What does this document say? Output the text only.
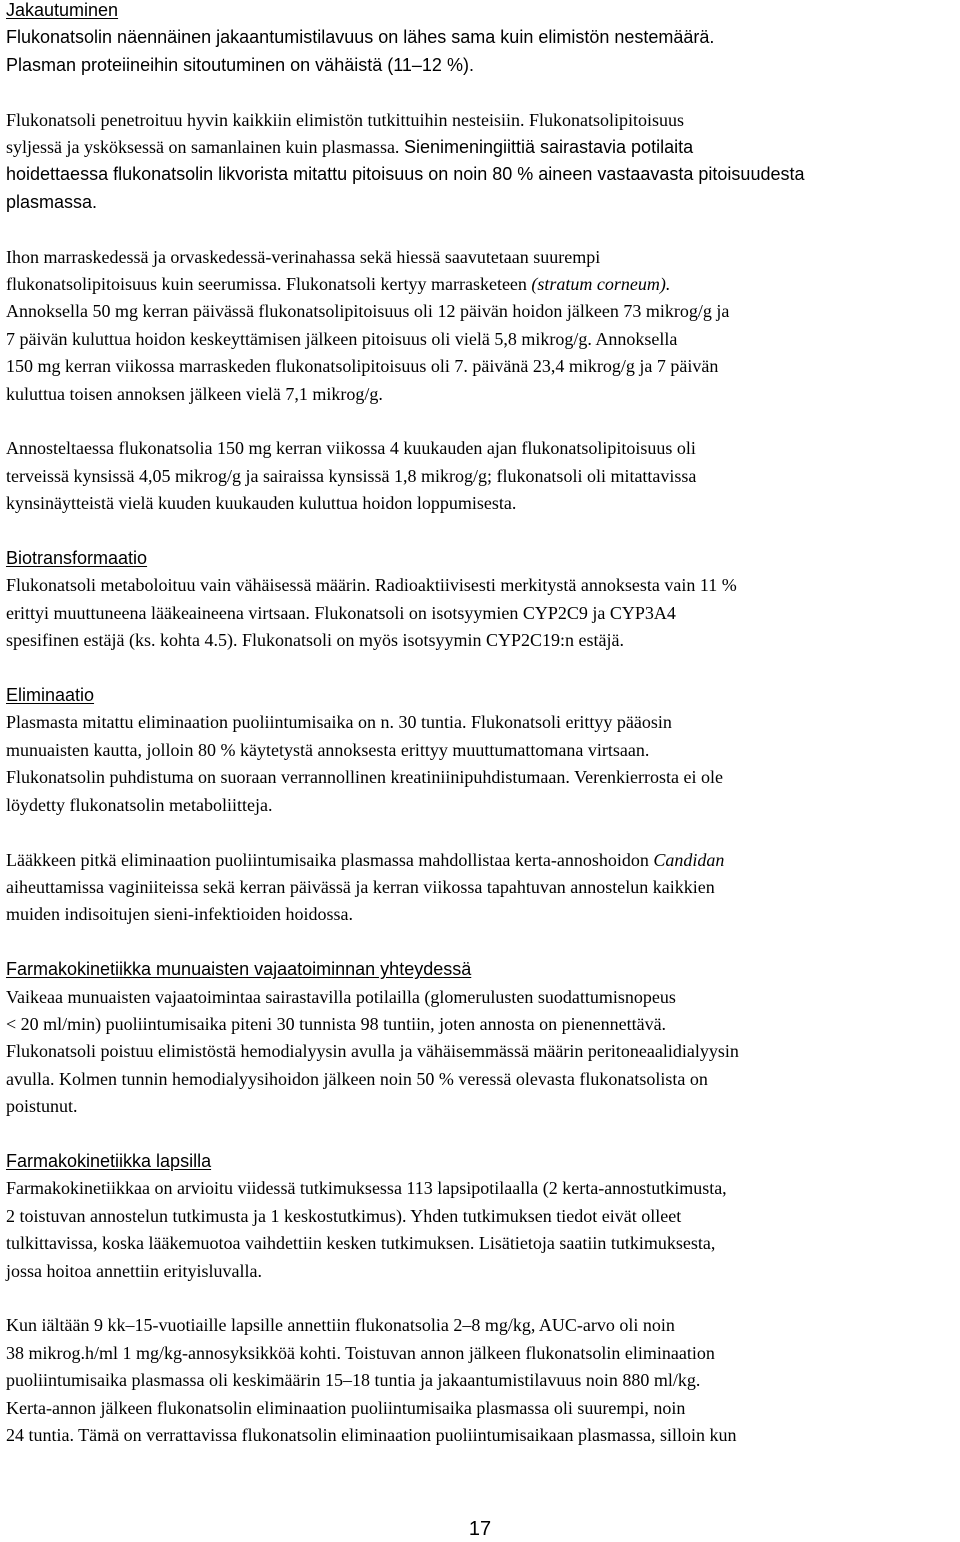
Jakautuminen

Flukonatsolin näennäinen jakaantumistilavuus on lähes sama kuin elimistön nestemäärä.

Plasman proteiineihin sitoutuminen on vähäistä (11–12 %).

Flukonatsoli penetroituu hyvin kaikkiin elimistön tutkittuihin nesteisiin. Flukonatsolipitoisuus

syljessä ja ysköksessä on samanlainen kuin plasmassa. Sienimeningiittiä sairastavia potilaita

hoidettaessa flukonatsolin likvorista mitattu pitoisuus on noin 80 % aineen vastaavasta pitoisuudesta

plasmassa.

Ihon marraskedessä ja orvaskedessä-verinahassa sekä hiessä saavutetaan suurempi

flukonatsolipitoisuus kuin seerumissa. Flukonatsoli kertyy marrasketeen (stratum corneum).

Annoksella 50 mg kerran päivässä flukonatsolipitoisuus oli 12 päivän hoidon jälkeen 73 mikrog/g ja

7 päivän kuluttua hoidon keskeyttämisen jälkeen pitoisuus oli vielä 5,8 mikrog/g. Annoksella

150 mg kerran viikossa marraskeden flukonatsolipitoisuus oli 7. päivänä 23,4 mikrog/g ja 7 päivän

kuluttua toisen annoksen jälkeen vielä 7,1 mikrog/g.

Annosteltaessa flukonatsolia 150 mg kerran viikossa 4 kuukauden ajan flukonatsolipitoisuus oli

terveissä kynsissä 4,05 mikrog/g ja sairaissa kynsissä 1,8 mikrog/g; flukonatsoli oli mitattavissa

kynsinäytteistä vielä kuuden kuukauden kuluttua hoidon loppumisesta.

Biotransformaatio

Flukonatsoli metaboloituu vain vähäisessä määrin. Radioaktiivisesti merkitystä annoksesta vain 11 %

erittyi muuttuneena lääkeaineena virtsaan. Flukonatsoli on isotsyymien CYP2C9 ja CYP3A4

spesifinen estäjä (ks. kohta 4.5). Flukonatsoli on myös isotsyymin CYP2C19:n estäjä.

Eliminaatio

Plasmasta mitattu eliminaation puoliintumisaika on n. 30 tuntia. Flukonatsoli erittyy pääosin

munuaisten kautta, jolloin 80 % käytetystä annoksesta erittyy muuttumattomana virtsaan.

Flukonatsolin puhdistuma on suoraan verrannollinen kreatiniinipuhdistumaan. Verenkierrosta ei ole

löydetty flukonatsolin metaboliitteja.

Lääkkeen pitkä eliminaation puoliintumisaika plasmassa mahdollistaa kerta-annoshoidon Candidan

aiheuttamissa vaginiiteissa sekä kerran päivässä ja kerran viikossa tapahtuvan annostelun kaikkien

muiden indisoitujen sieni-infektioiden hoidossa.

Farmakokinetiikka munuaisten vajaatoiminnan yhteydessä

Vaikeaa munuaisten vajaatoimintaa sairastavilla potilailla (glomerulusten suodattumisnopeus

< 20 ml/min) puoliintumisaika piteni 30 tunnista 98 tuntiin, joten annosta on pienennettävä.

Flukonatsoli poistuu elimistöstä hemodialyysin avulla ja vähäisemmässä määrin peritoneaalidialyysin

avulla. Kolmen tunnin hemodialyysihoidon jälkeen noin 50 % veressä olevasta flukonatsolista on

poistunut.

Farmakokinetiikka lapsilla

Farmakokinetiikkaa on arvioitu viidessä tutkimuksessa 113 lapsipotilaalla (2 kerta-annostutkimusta,

2 toistuvan annostelun tutkimusta ja 1 keskostutkimus). Yhden tutkimuksen tiedot eivät olleet

tulkittavissa, koska lääkemuotoa vaihdettiin kesken tutkimuksen. Lisätietoja saatiin tutkimuksesta,

jossa hoitoa annettiin erityisluvalla.

Kun iältään 9 kk–15-vuotiaille lapsille annettiin flukonatsolia 2–8 mg/kg, AUC-arvo oli noin

38 mikrog.h/ml 1 mg/kg-annosyksikköä kohti. Toistuvan annon jälkeen flukonatsolin eliminaation

puoliintumisaika plasmassa oli keskimäärin 15–18 tuntia ja jakaantumistilavuus noin 880 ml/kg.

Kerta-annon jälkeen flukonatsolin eliminaation puoliintumisaika plasmassa oli suurempi, noin

24 tuntia. Tämä on verrattavissa flukonatsolin eliminaation puoliintumisaikaan plasmassa, silloin kun

17
